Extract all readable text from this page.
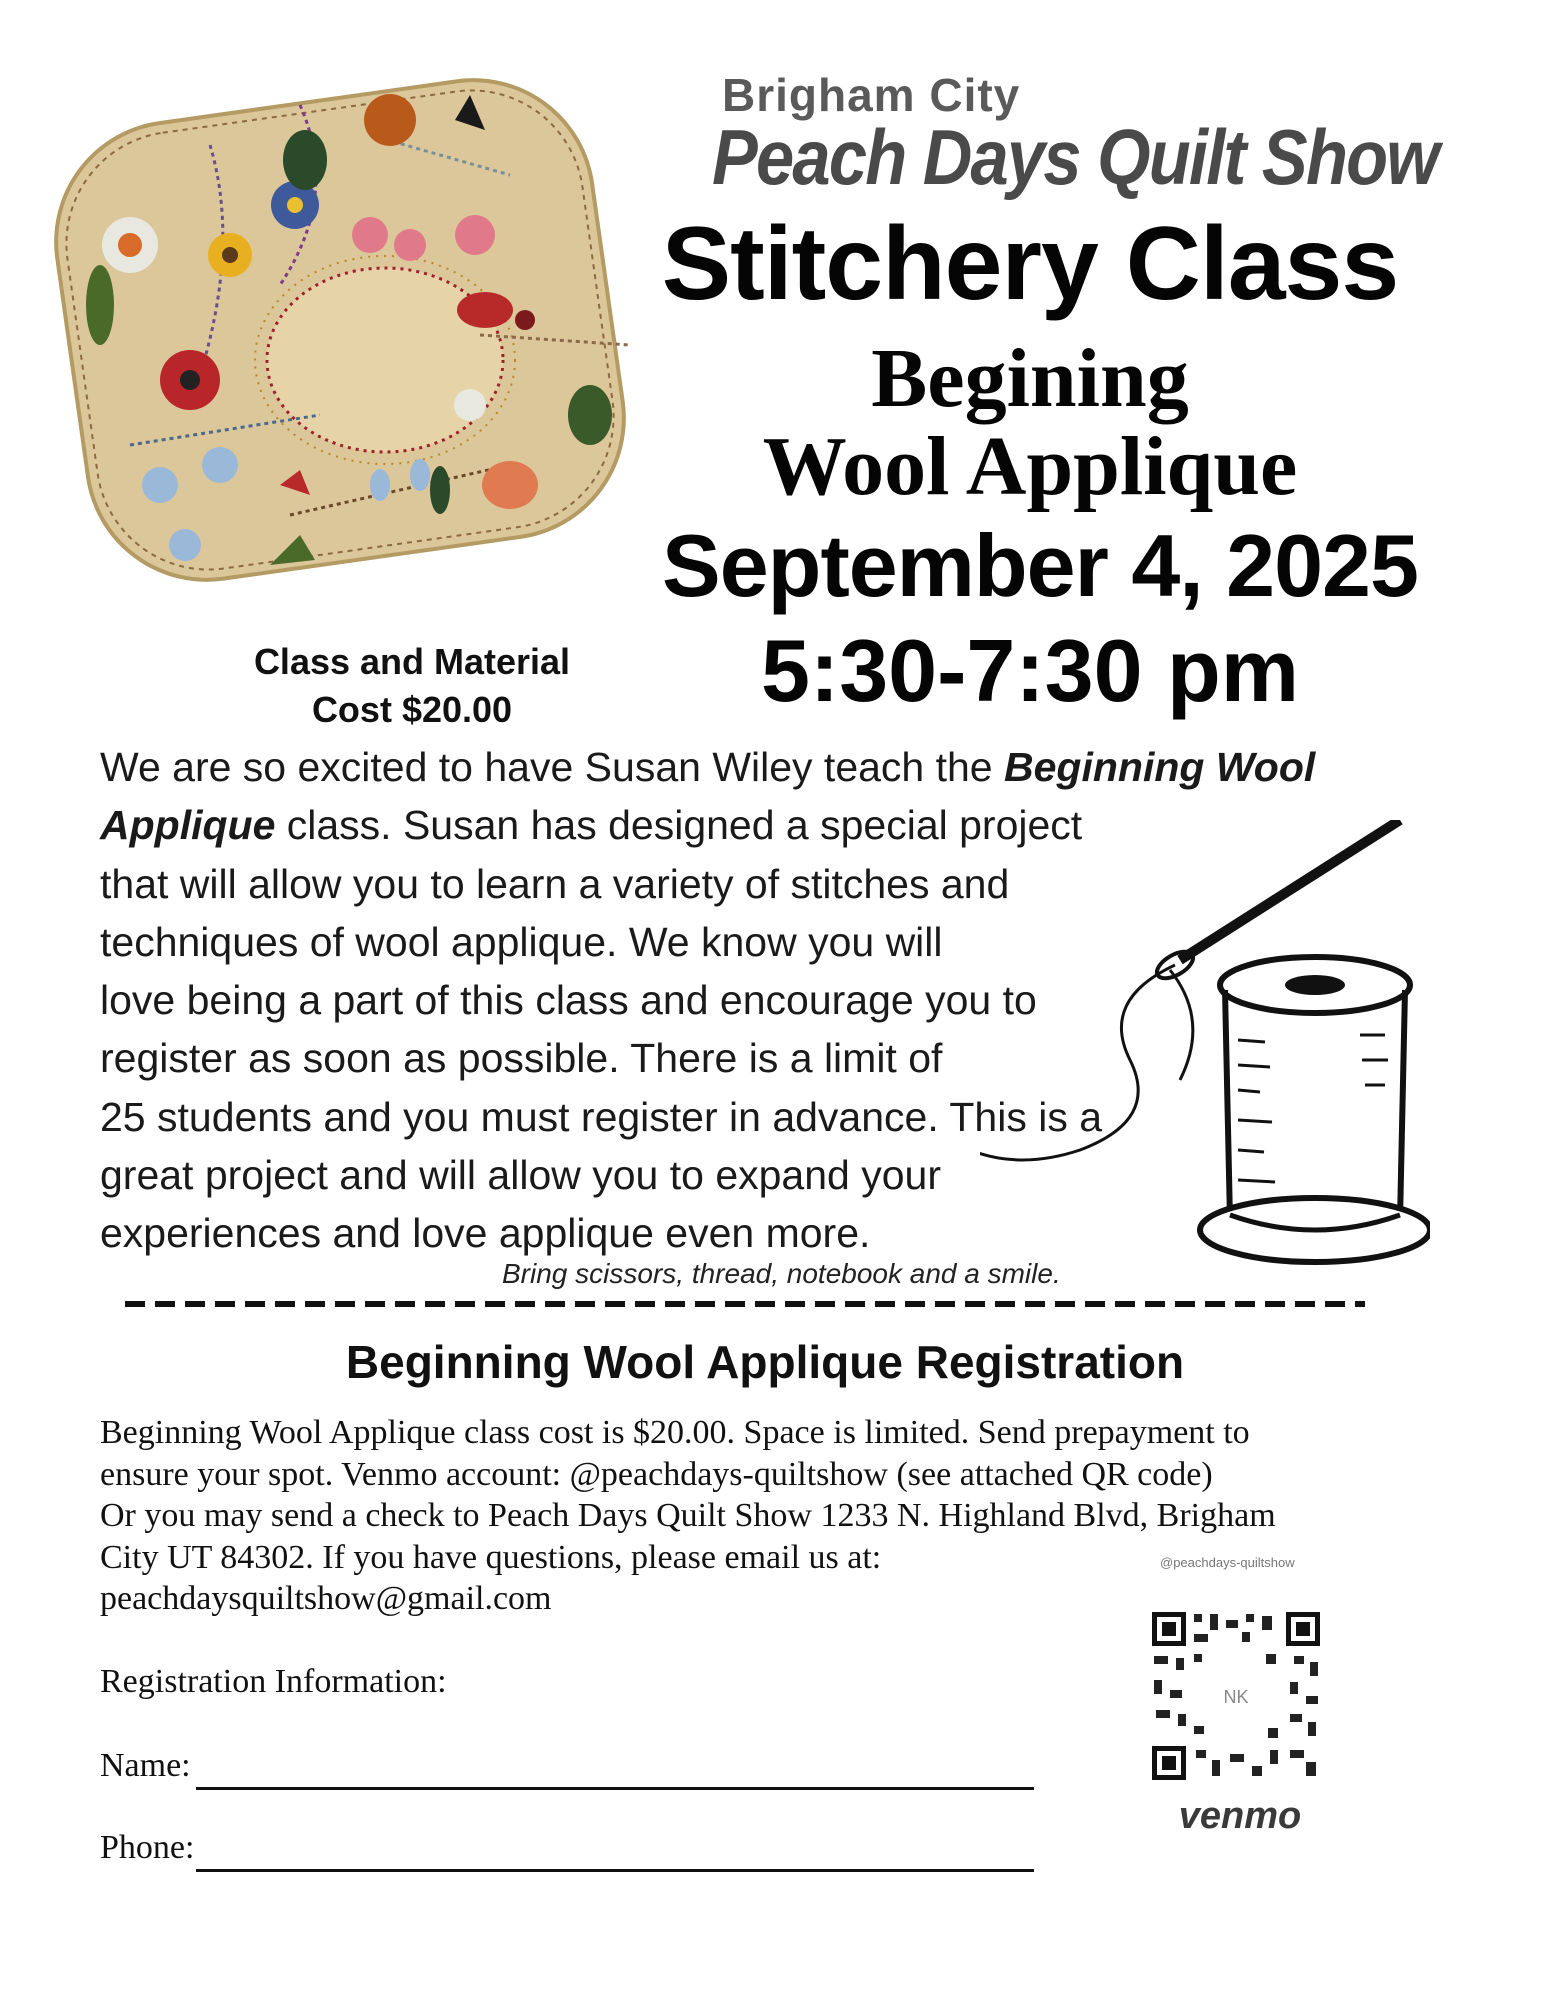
Brigham City
Peach Days Quilt Show
Stitchery Class
Begining
Wool Applique
September 4, 2025
5:30-7:30 pm
Class and Material
Cost $20.00
We are so excited to have Susan Wiley teach the Beginning Wool
Applique class. Susan has designed a special project
that will allow you to learn a variety of stitches and
techniques of wool applique. We know you will
love being a part of this class and encourage you to
register as soon as possible. There is a limit of
25 students and you must register in advance. This is a
great project and will allow you to expand your
experiences and love applique even more.
Bring scissors, thread, notebook and a smile.
Beginning Wool Applique Registration
Beginning Wool Applique class cost is $20.00. Space is limited. Send prepayment to
ensure your spot. Venmo account: @peachdays-quiltshow (see attached QR code)
Or you may send a check to Peach Days Quilt Show 1233 N. Highland Blvd, Brigham
City UT 84302. If you have questions, please email us at:
peachdaysquiltshow@gmail.com
Registration Information:
Name:
Phone:
@peachdays-quiltshow
NK
venmo
